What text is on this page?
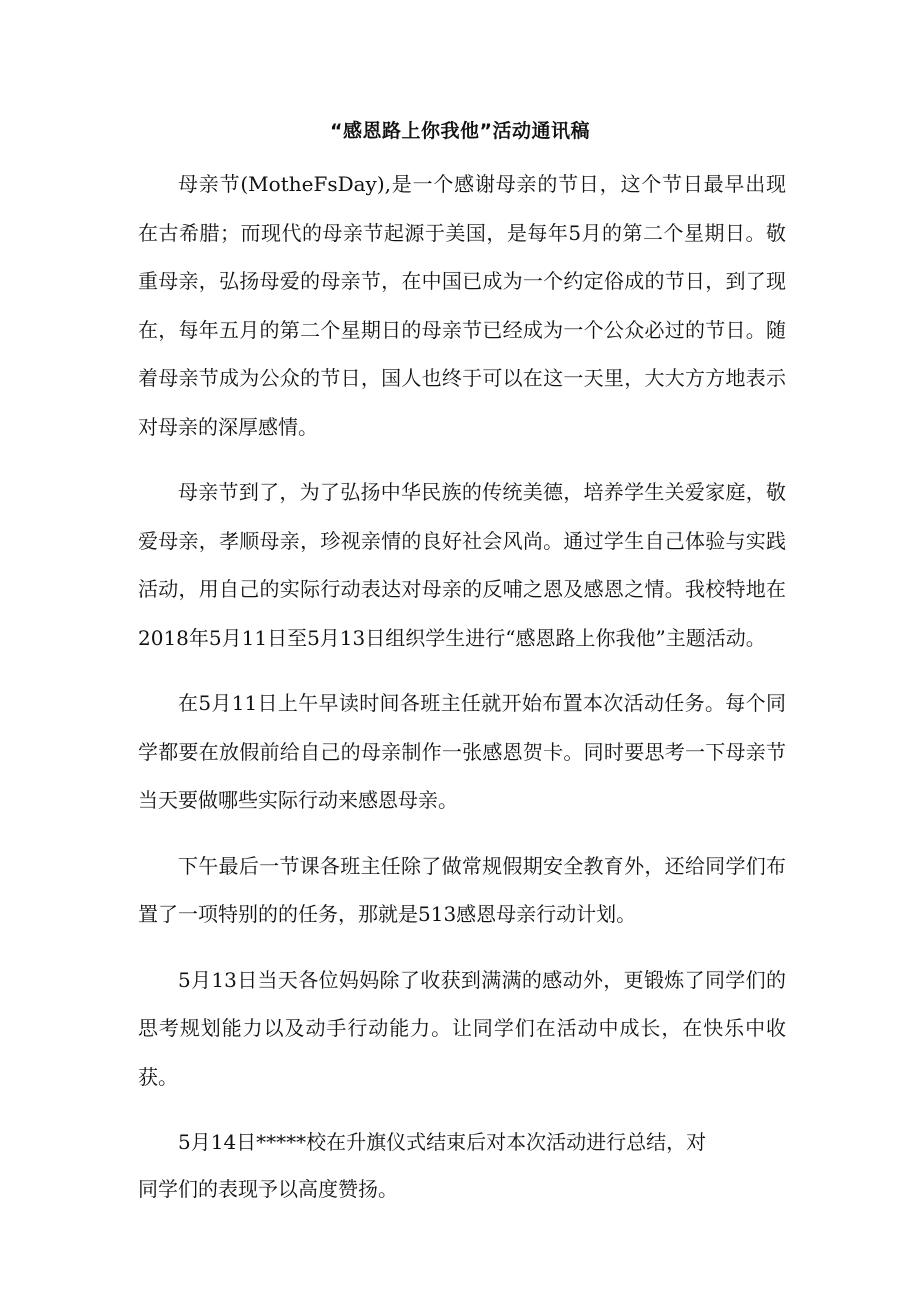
“感恩路上你我他”活动通讯稿

母亲节(MotheFsDay),是一个感谢母亲的节日，这个节日最早出现在古希腊；而现代的母亲节起源于美国，是每年5月的第二个星期日。敬重母亲，弘扬母爱的母亲节，在中国已成为一个约定俗成的节日，到了现在，每年五月的第二个星期日的母亲节已经成为一个公众必过的节日。随着母亲节成为公众的节日，国人也终于可以在这一天里，大大方方地表示对母亲的深厚感情。

母亲节到了，为了弘扬中华民族的传统美德，培养学生关爱家庭，敬爱母亲，孝顺母亲，珍视亲情的良好社会风尚。通过学生自己体验与实践活动，用自己的实际行动表达对母亲的反哺之恩及感恩之情。我校特地在2018年5月11日至5月13日组织学生进行“感恩路上你我他”主题活动。

在5月11日上午早读时间各班主任就开始布置本次活动任务。每个同学都要在放假前给自己的母亲制作一张感恩贺卡。同时要思考一下母亲节当天要做哪些实际行动来感恩母亲。

下午最后一节课各班主任除了做常规假期安全教育外，还给同学们布置了一项特别的的任务，那就是513感恩母亲行动计划。

5月13日当天各位妈妈除了收获到满满的感动外，更锻炼了同学们的思考规划能力以及动手行动能力。让同学们在活动中成长，在快乐中收获。

5月14日*****校在升旗仪式结束后对本次活动进行总结，对

同学们的表现予以高度赞扬。
